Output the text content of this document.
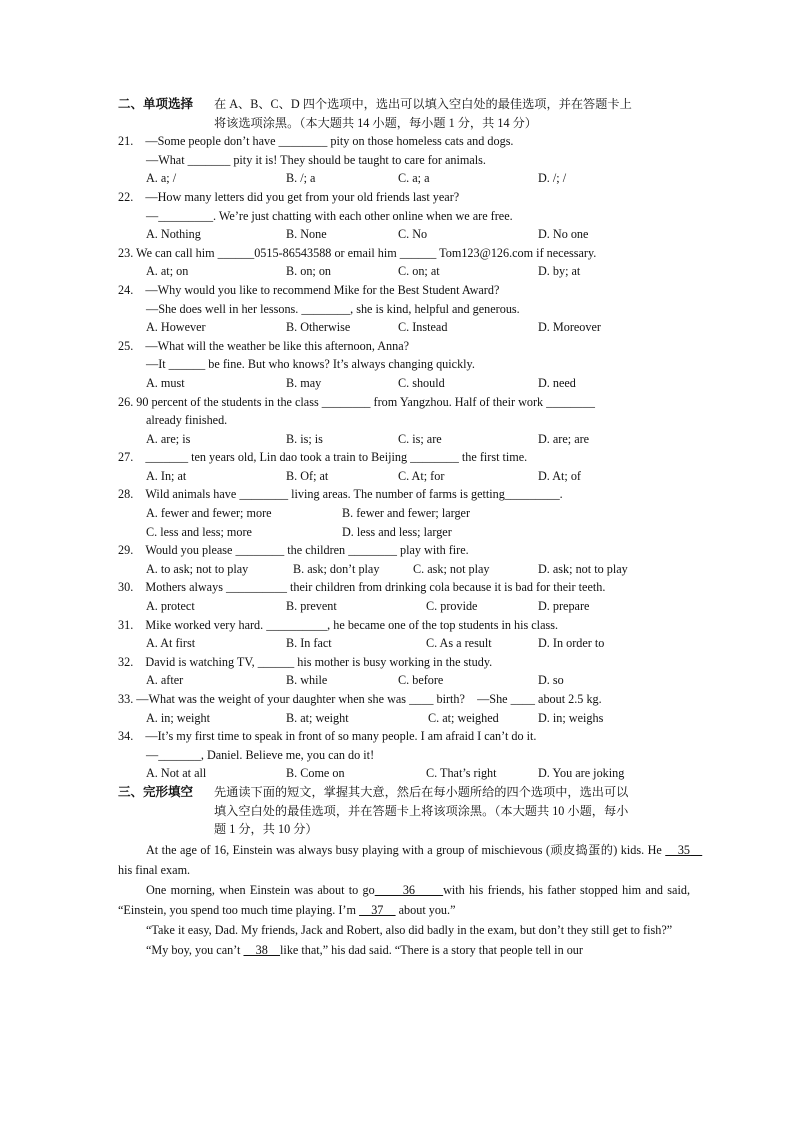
二、单项选择 在 A、B、C、D 四个选项中，选出可以填入空白处的最佳选项，并在答题卡上
将该选项涂黑。（本大题共 14 小题，每小题 1 分，共 14 分）
21.　—Some people don’t have ________ pity on those homeless cats and dogs.
—What _______ pity it is! They should be taught to care for animals.
A. a; /	B. /; a	C. a; a	D. /; /
22.　—How many letters did you get from your old friends last year?
—_________. We’re just chatting with each other online when we are free.
A. Nothing	B. None	C. No	D. No one
23. We can call him ______0515-86543588 or email him ______ Tom123@126.com if necessary.
A. at; on	B. on; on	C. on; at	D. by; at
24.　—Why would you like to recommend Mike for the Best Student Award?
—She does well in her lessons. ________, she is kind, helpful and generous.
A. However	B. Otherwise	C. Instead	D. Moreover
25.　—What will the weather be like this afternoon, Anna?
—It ______ be fine. But who knows? It’s always changing quickly.
A. must	B. may	C. should	D. need
26. 90 percent of the students in the class ________ from Yangzhou. Half of their work ________
already finished.
A. are; is	B. is; is	C. is; are	D. are; are
27.　_______ ten years old, Lin dao took a train to Beijing ________ the first time.
A. In; at	B. Of; at	C. At; for	D. At; of
28.　Wild animals have ________ living areas. The number of farms is getting_________.
A. fewer and fewer; more	B. fewer and fewer; larger
C. less and less; more	D. less and less; larger
29.　Would you please ________ the children ________ play with fire.
A. to ask; not to play	B. ask; don’t play	C. ask; not play	D. ask; not to play
30.　Mothers always __________ their children from drinking cola because it is bad for their teeth.
A. protect	B. prevent	C. provide	D. prepare
31.　Mike worked very hard. __________, he became one of the top students in his class.
A. At first	B. In fact	C. As a result	D. In order to
32.　David is watching TV, ______ his mother is busy working in the study.
A. after	B. while	C. before	D. so
33. —What was the weight of your daughter when she was ____ birth?　—She ____ about 2.5 kg.
A. in; weight	B. at; weight	C. at; weighed	D. in; weighs
34.　—It’s my first time to speak in front of so many people. I am afraid I can’t do it.
—_______, Daniel. Believe me, you can do it!
A. Not at all	B. Come on	C. That’s right	D. You are joking
三、完形填空 先通读下面的短文，掌握其大意，然后在每小题所给的四个选项中，选出可以
填入空白处的最佳选项，并在答题卡上将该项涂黑。（本大题共 10 小题，每小
题 1 分，共 10 分）
At the age of 16, Einstein was always busy playing with a group of mischievous (顽皮捣蛋的) kids. He 　35　his final exam.
One morning, when Einstein was about to go　　36　　with his friends, his father stopped him and said, “Einstein, you spend too much time playing. I’m 　37　 about you.”
“Take it easy, Dad. My friends, Jack and Robert, also did badly in the exam, but don’t they still get to fish?”
“My boy, you can’t 　38　like that,” his dad said. “There is a story that people tell in our
